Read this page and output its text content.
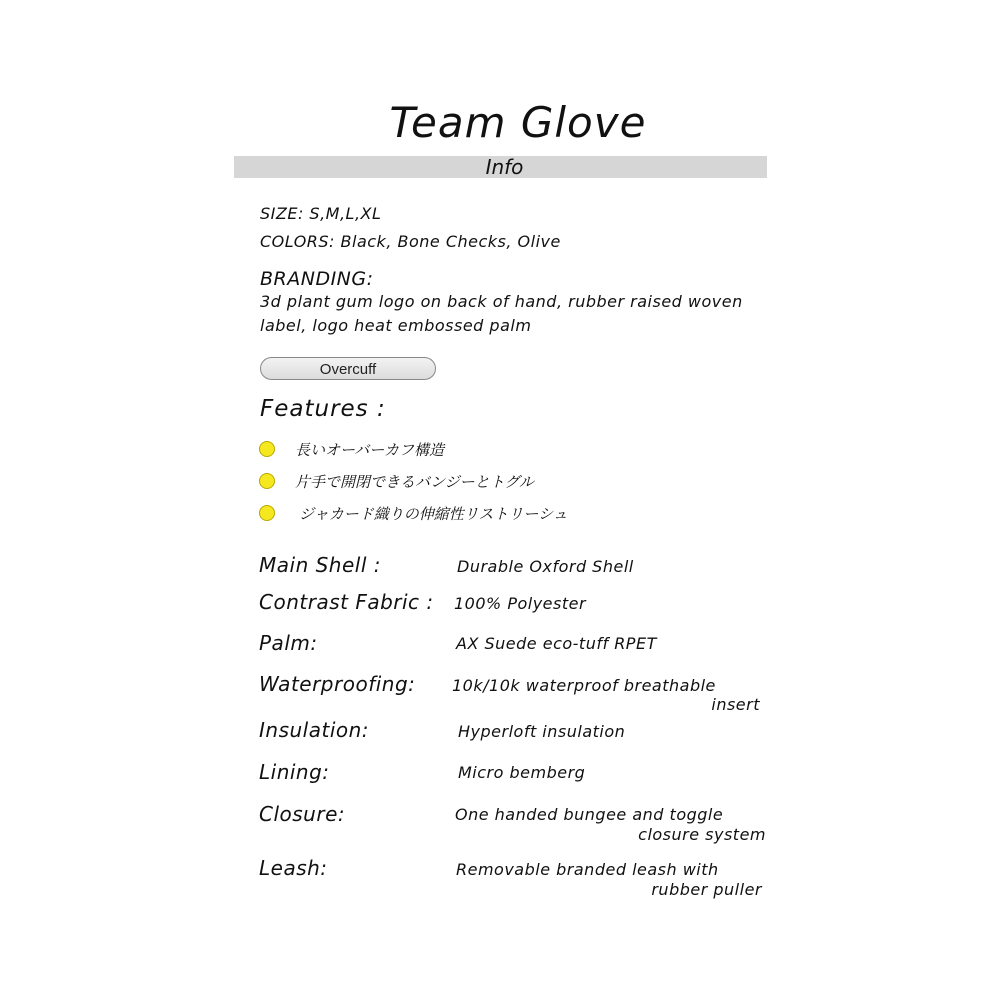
Team Glove
Info
SIZE: S,M,L,XL
COLORS: Black, Bone Checks, Olive
BRANDING:
3d plant gum logo on back of hand, rubber raised woven label, logo heat embossed palm
Overcuff
Features :
長いオーバーカフ構造
片手で開閉できるバンジーとトグル
ジャカード織りの伸縮性リストリーシュ
Main Shell :	Durable Oxford Shell
Contrast Fabric : 100% Polyester
Palm:	AX Suede eco-tuff RPET
Waterproofing: 10k/10k waterproof breathable
insert
Insulation:	Hyperloft insulation
Lining:	Micro bemberg
Closure:	One handed bungee and toggle
closure system
Leash:	Removable branded leash with
rubber puller
